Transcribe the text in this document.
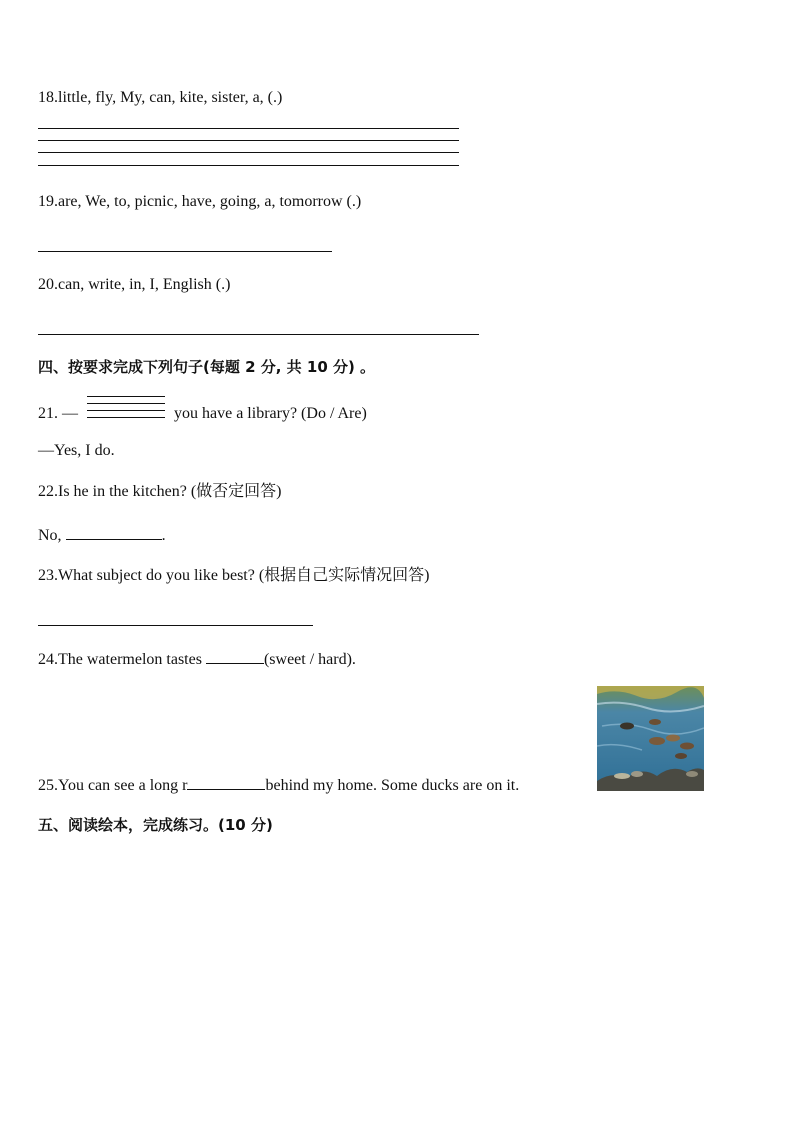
18.little, fly, My, can, kite, sister, a, (.)
19.are, We, to, picnic, have, going, a, tomorrow (.)
20.can, write, in, I, English (.)
四、按要求完成下列句子(每题 2 分, 共 10 分) 。
21. —	you have a library? (Do / Are)
—Yes, I do.
22.Is he in the kitchen? (做否定回答)
No,	.
23.What subject do you like best? (根据自己实际情况回答)
24.The watermelon tastes	(sweet / hard).
25.You can see a long r	behind my home. Some ducks are on it.
五、阅读绘本，完成练习。(10 分)
